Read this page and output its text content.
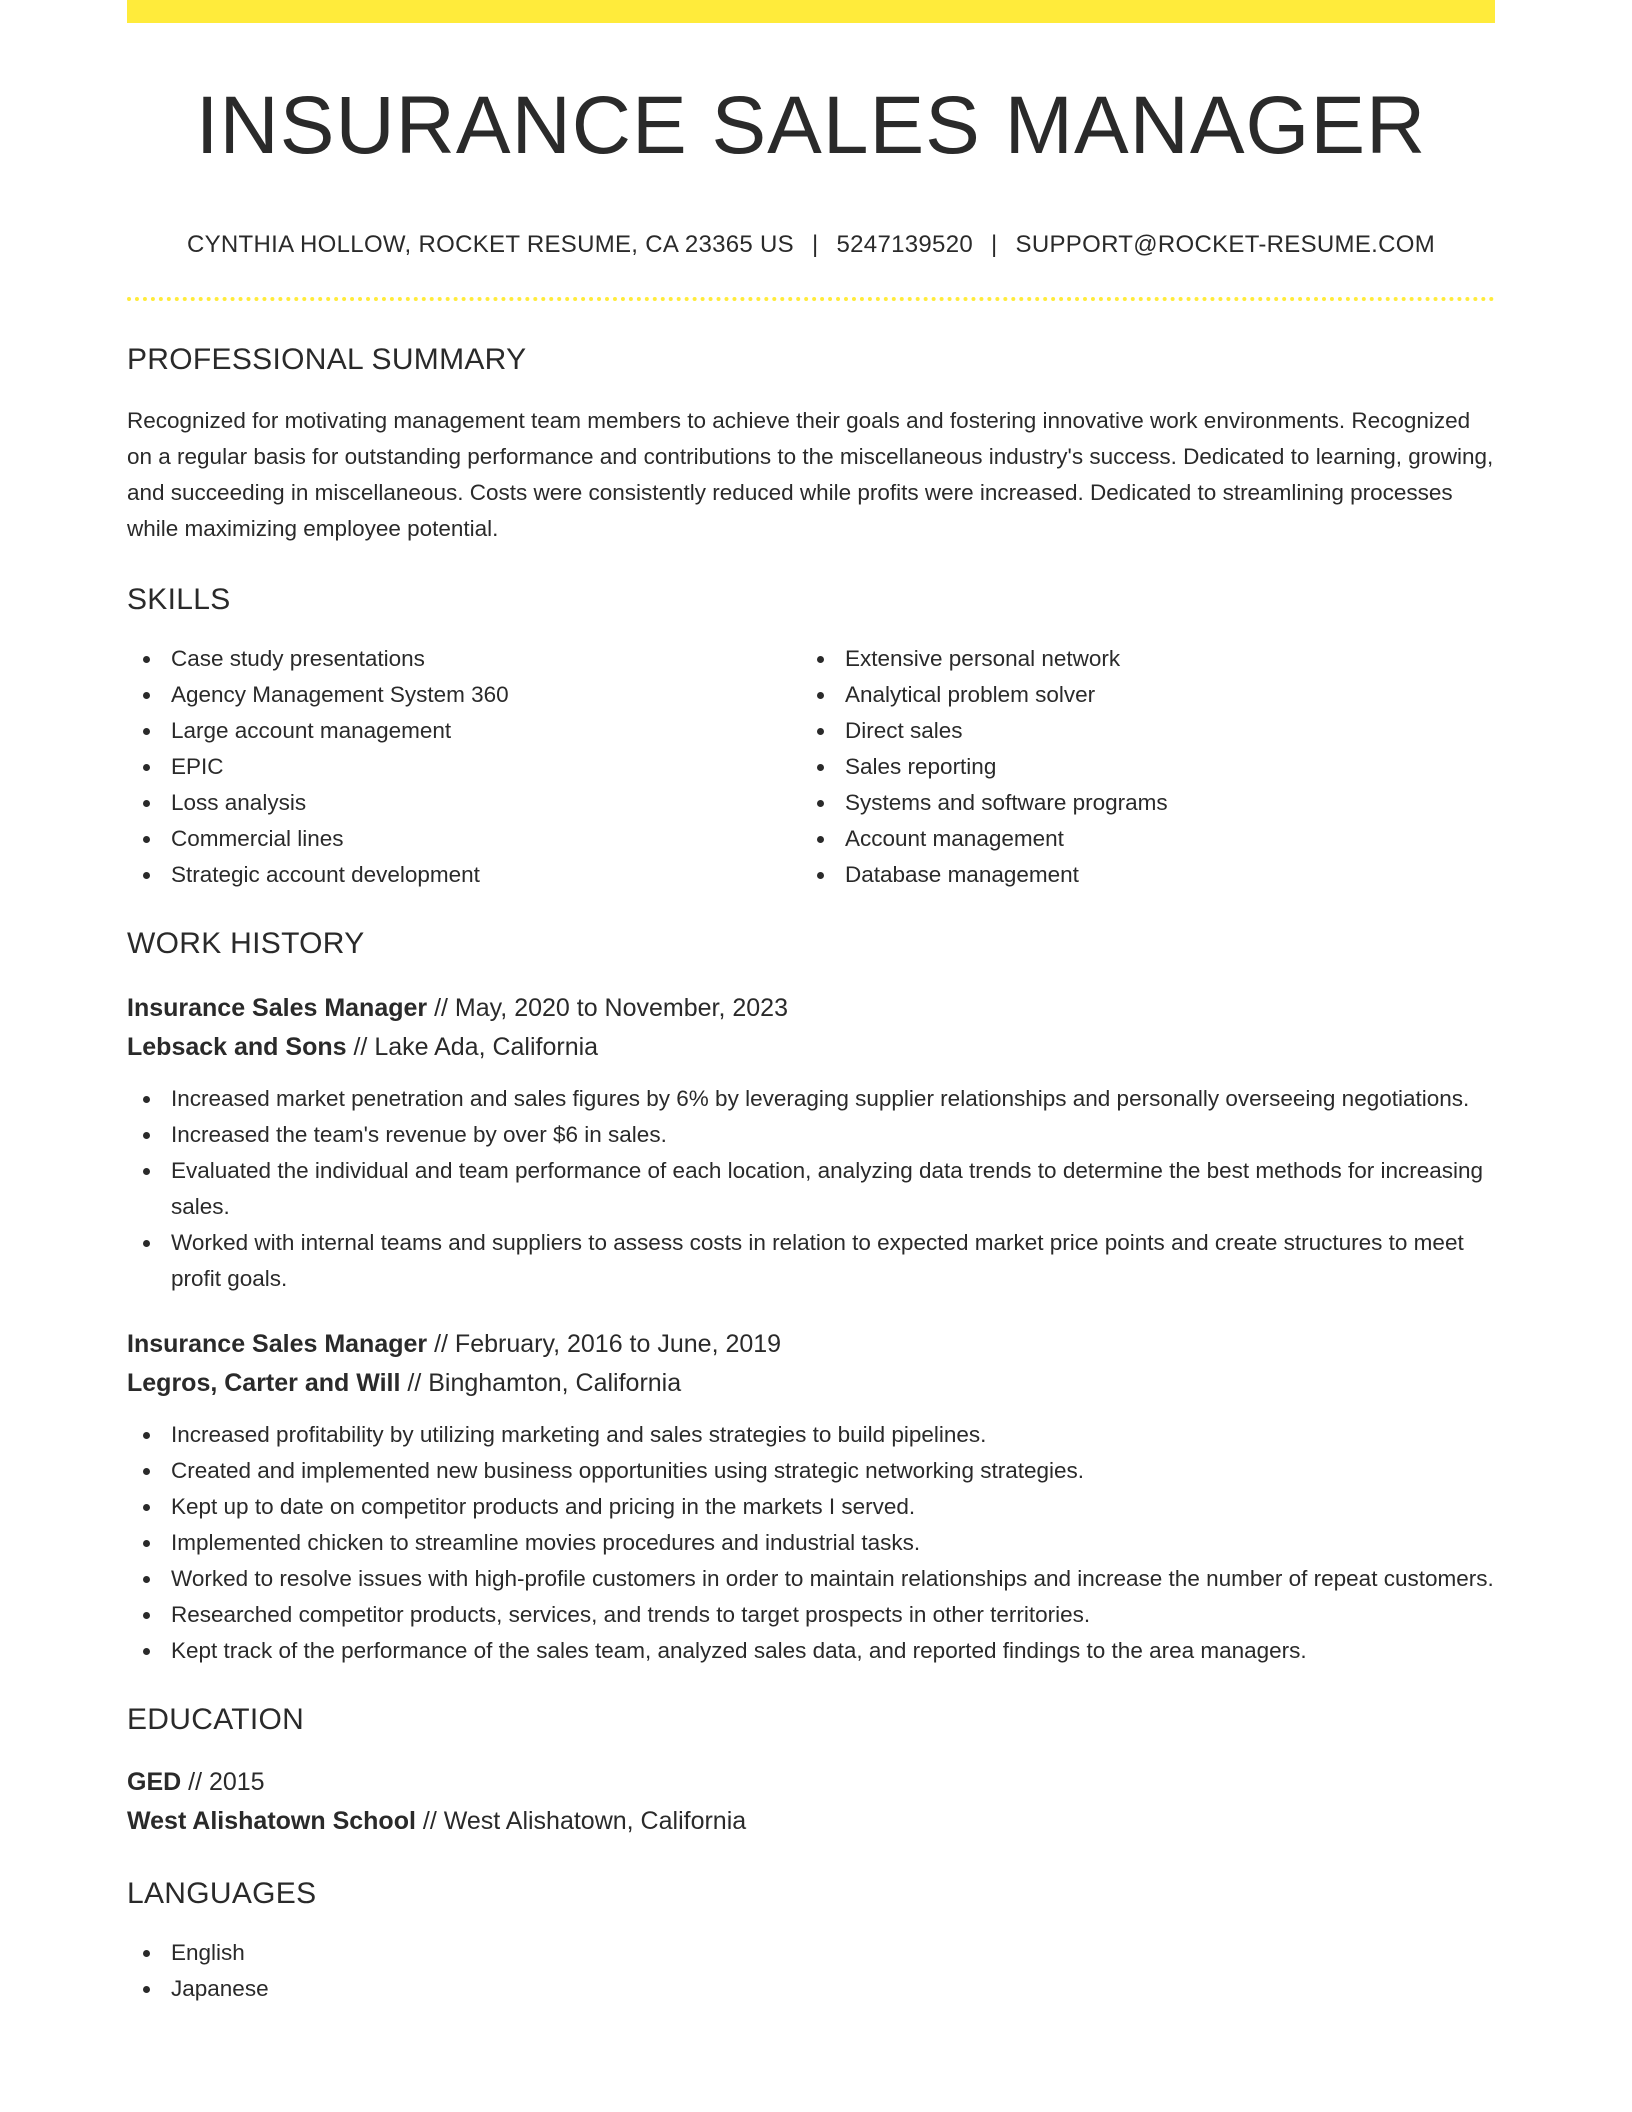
INSURANCE SALES MANAGER
CYNTHIA HOLLOW, ROCKET RESUME, CA 23365 US | 5247139520 | SUPPORT@ROCKET-RESUME.COM
PROFESSIONAL SUMMARY

Recognized for motivating management team members to achieve their goals and fostering innovative work environments. Recognized on a regular basis for outstanding performance and contributions to the miscellaneous industry's success. Dedicated to learning, growing, and succeeding in miscellaneous. Costs were consistently reduced while profits were increased. Dedicated to streamlining processes while maximizing employee potential.

SKILLS
Case study presentations
Agency Management System 360
Large account management
EPIC
Loss analysis
Commercial lines
Strategic account development
Extensive personal network
Analytical problem solver
Direct sales
Sales reporting
Systems and software programs
Account management
Database management
WORK HISTORY
Insurance Sales Manager // May, 2020 to November, 2023
Lebsack and Sons // Lake Ada, California
Increased market penetration and sales figures by 6% by leveraging supplier relationships and personally overseeing negotiations.
Increased the team's revenue by over $6 in sales.
Evaluated the individual and team performance of each location, analyzing data trends to determine the best methods for increasing sales.
Worked with internal teams and suppliers to assess costs in relation to expected market price points and create structures to meet profit goals.
Insurance Sales Manager // February, 2016 to June, 2019
Legros, Carter and Will // Binghamton, California
Increased profitability by utilizing marketing and sales strategies to build pipelines.
Created and implemented new business opportunities using strategic networking strategies.
Kept up to date on competitor products and pricing in the markets I served.
Implemented chicken to streamline movies procedures and industrial tasks.
Worked to resolve issues with high-profile customers in order to maintain relationships and increase the number of repeat customers.
Researched competitor products, services, and trends to target prospects in other territories.
Kept track of the performance of the sales team, analyzed sales data, and reported findings to the area managers.
EDUCATION
GED // 2015
West Alishatown School // West Alishatown, California
LANGUAGES
English
Japanese
